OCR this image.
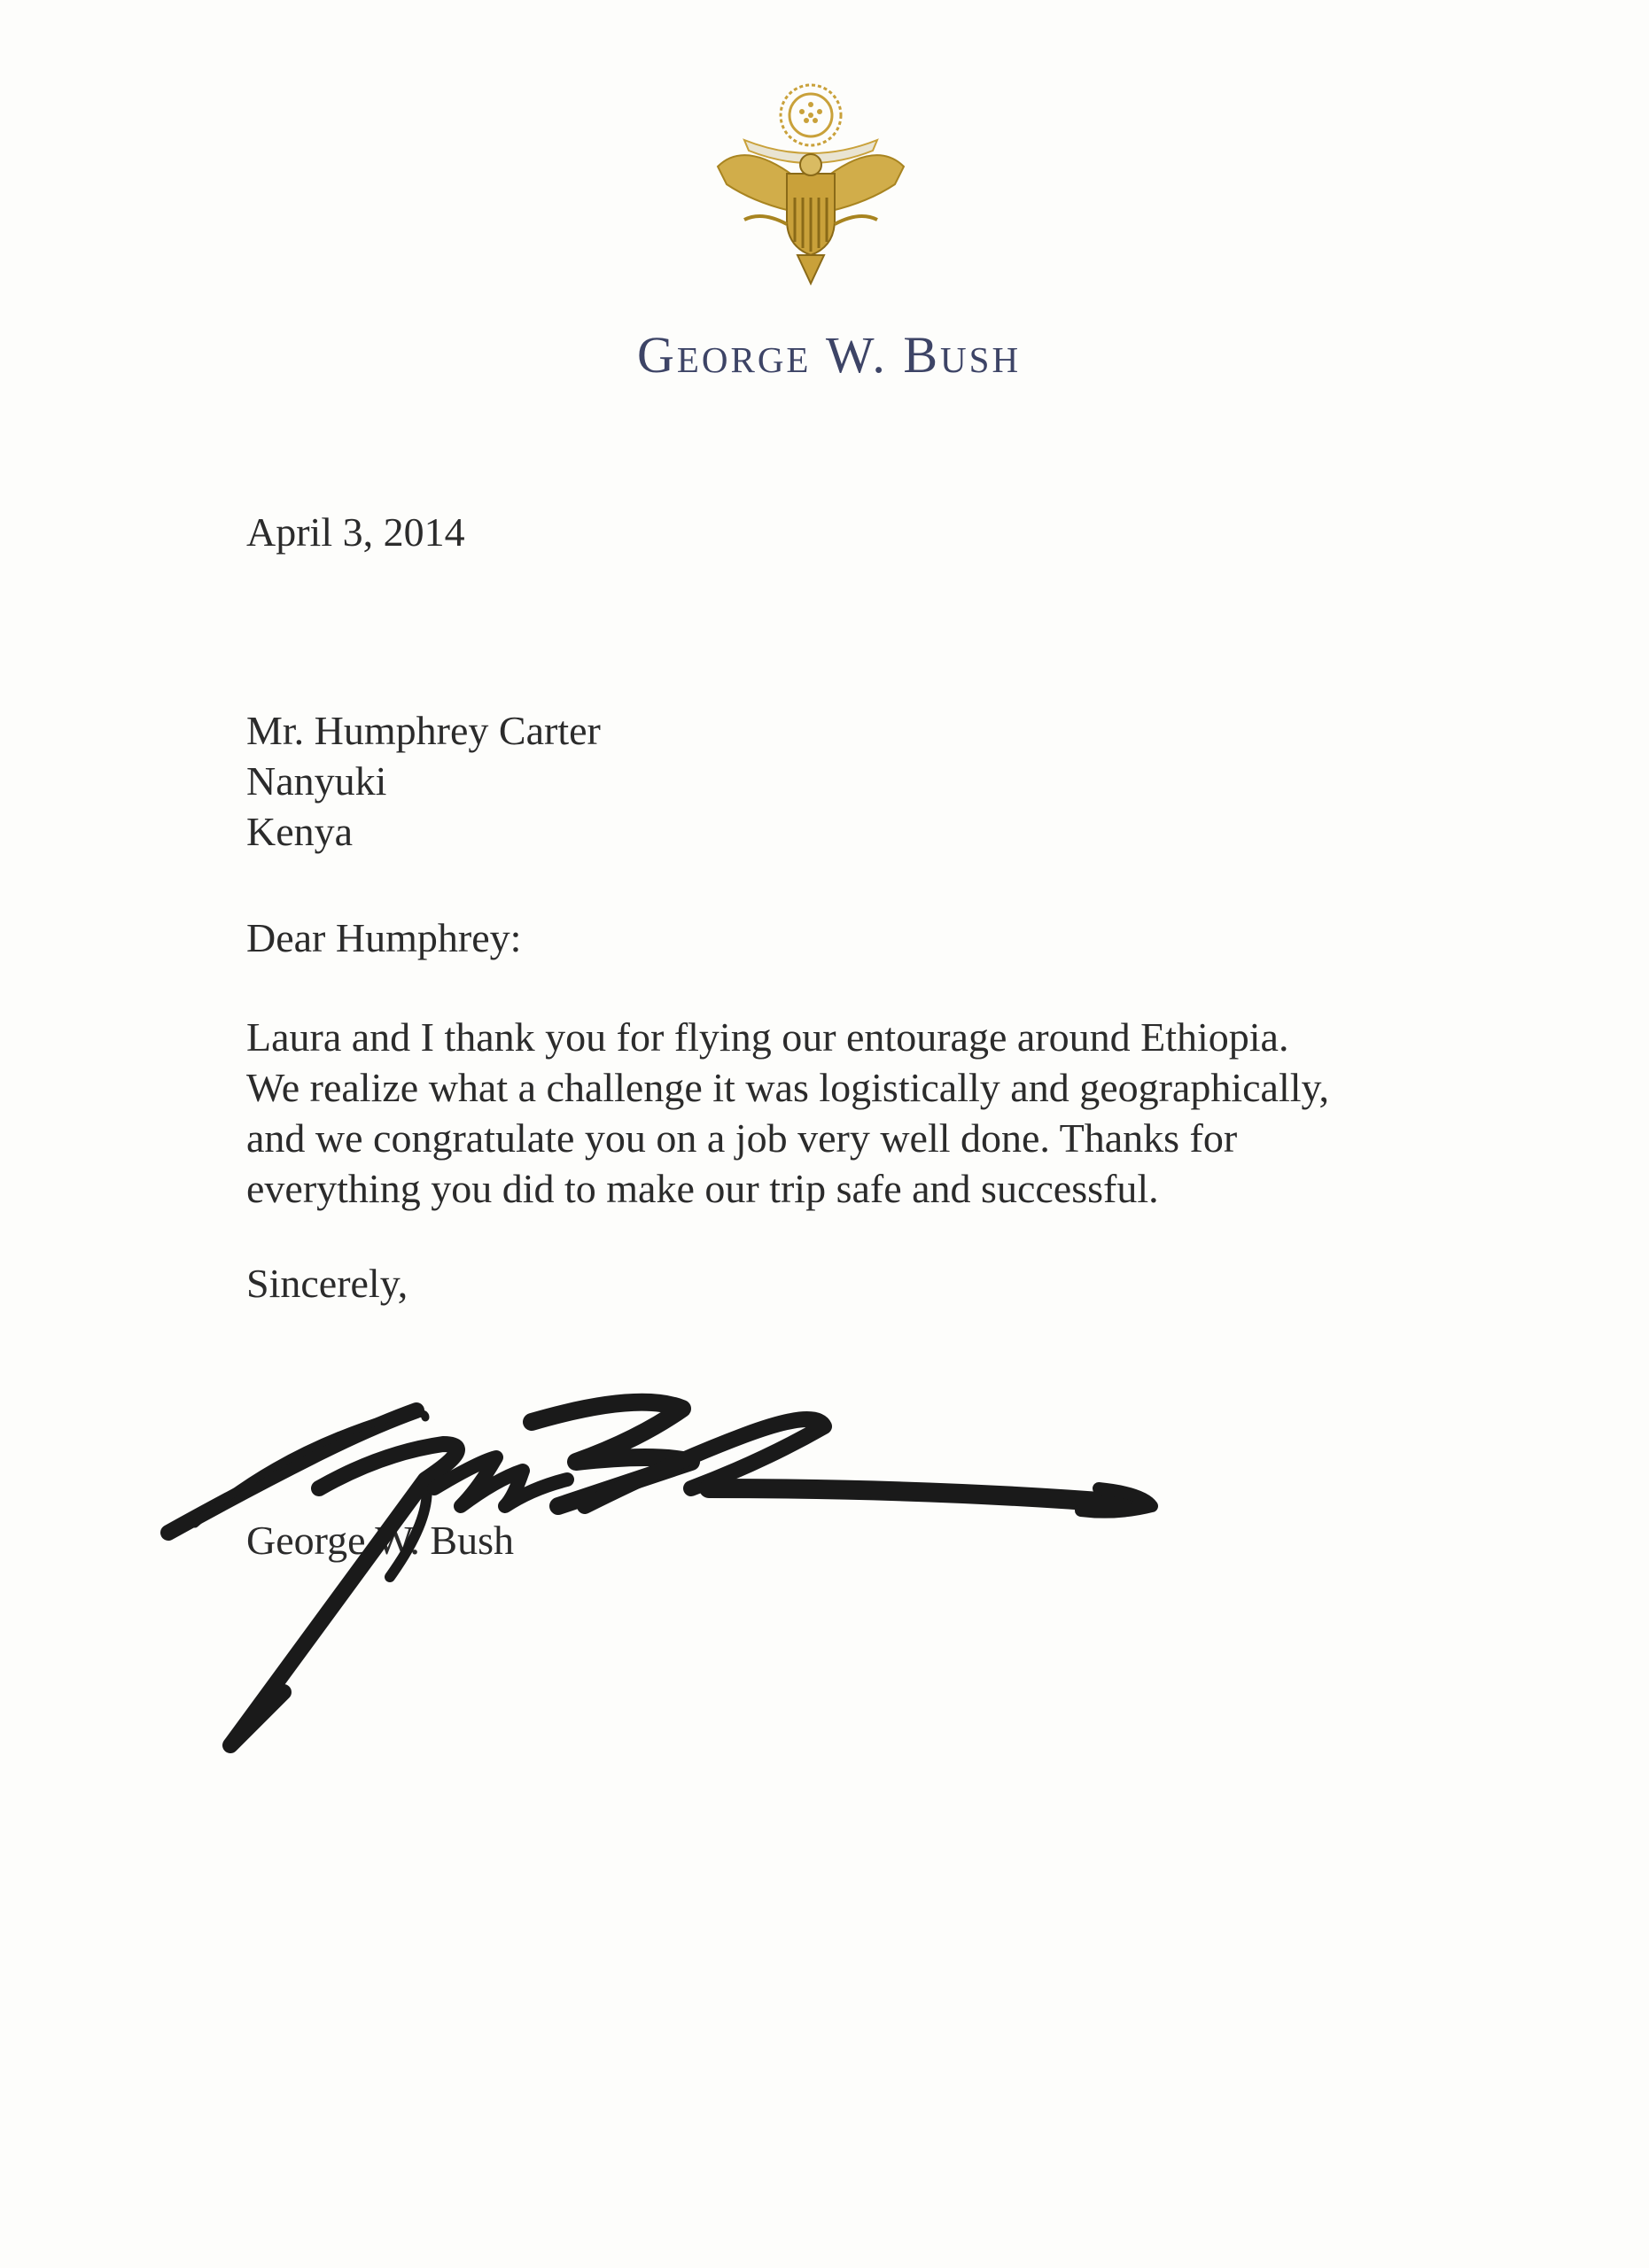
George W. Bush
April 3, 2014
Mr. Humphrey Carter
Nanyuki
Kenya
Dear Humphrey:
Laura and I thank you for flying our entourage around Ethiopia.
We realize what a challenge it was logistically and geographically,
and we congratulate you on a job very well done. Thanks for
everything you did to make our trip safe and successful.
Sincerely,
George W. Bush
